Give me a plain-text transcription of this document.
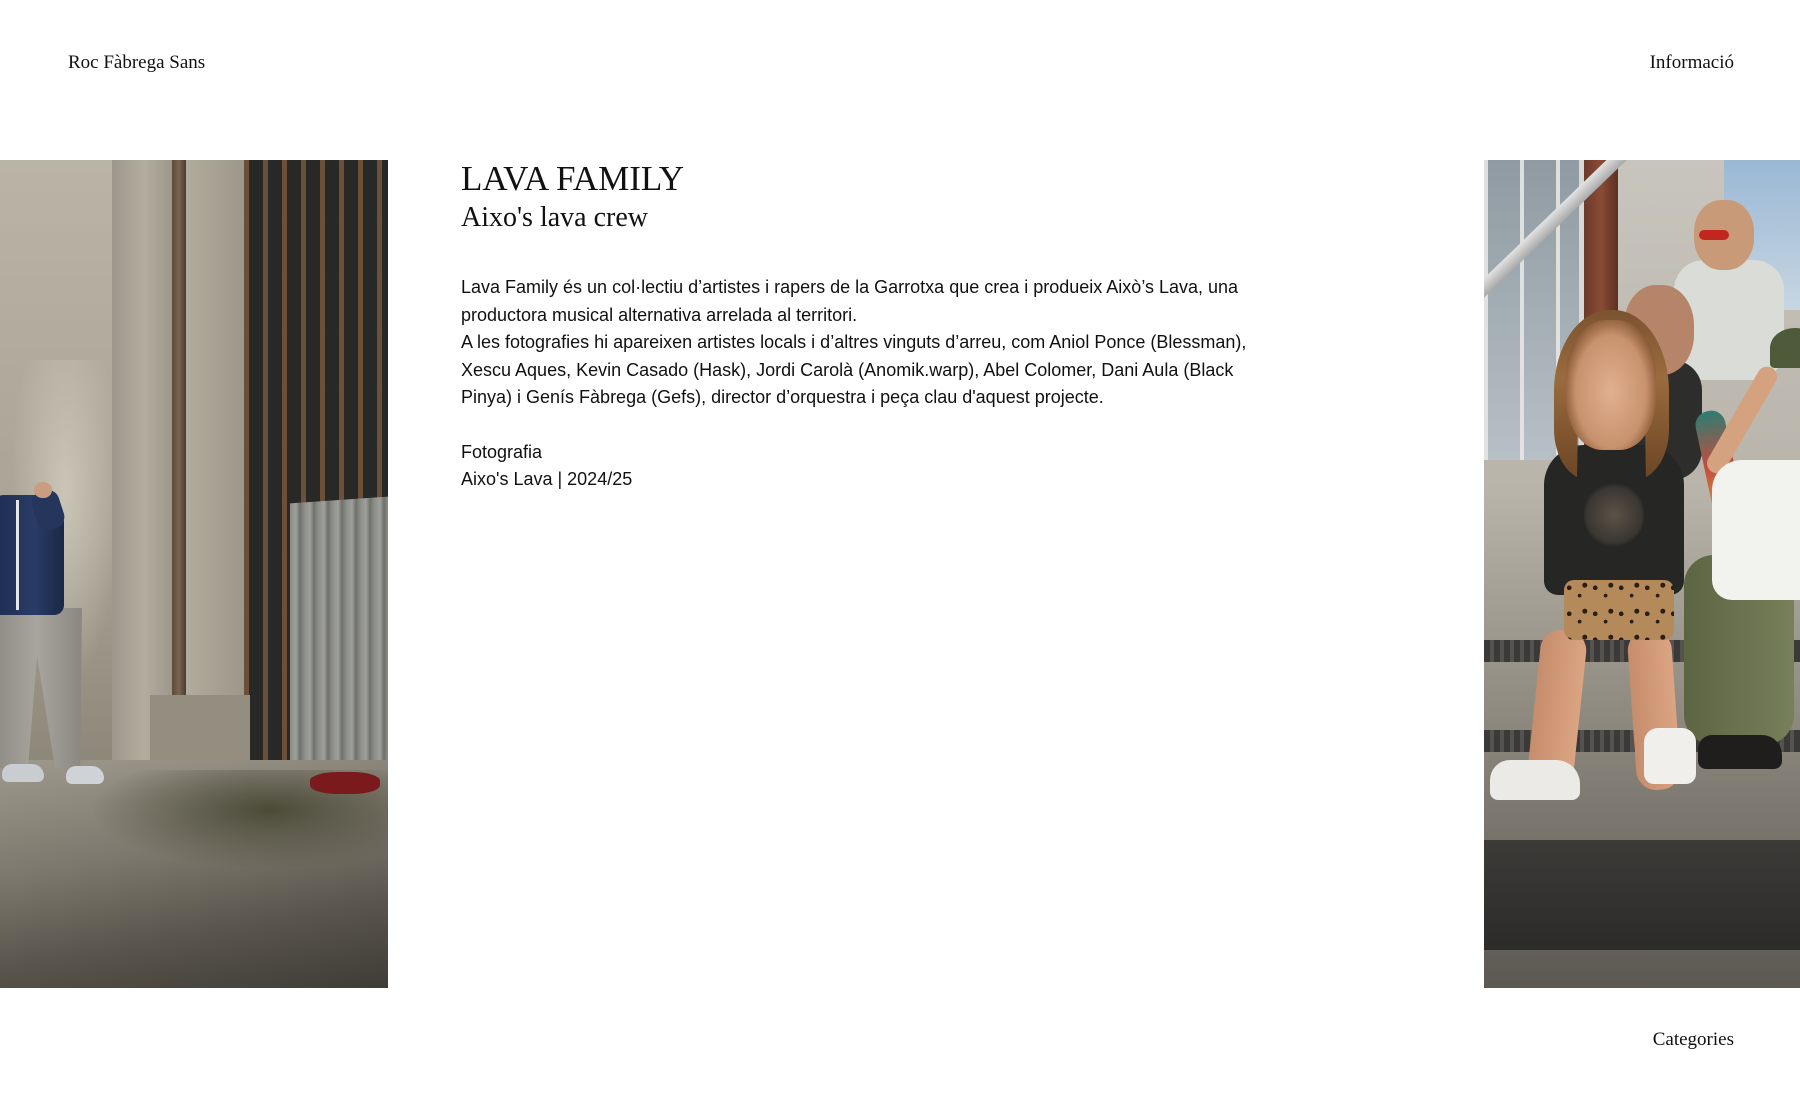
Roc Fàbrega Sans	Informació
LAVA FAMILY
Aixo's lava crew

Lava Family és un col·lectiu d’artistes i rapers de la Garrotxa que crea i produeix Això’s Lava, una productora musical alternativa arrelada al territori.

A les fotografies hi apareixen artistes locals i d’altres vinguts d’arreu, com Aniol Ponce (Blessman), Xescu Aques, Kevin Casado (Hask), Jordi Carolà (Anomik.warp), Abel Colomer, Dani Aula (Black Pinya) i Genís Fàbrega (Gefs), director d’orquestra i peça clau d'aquest projecte.

Fotografia
Aixo's Lava | 2024/25
Categories
